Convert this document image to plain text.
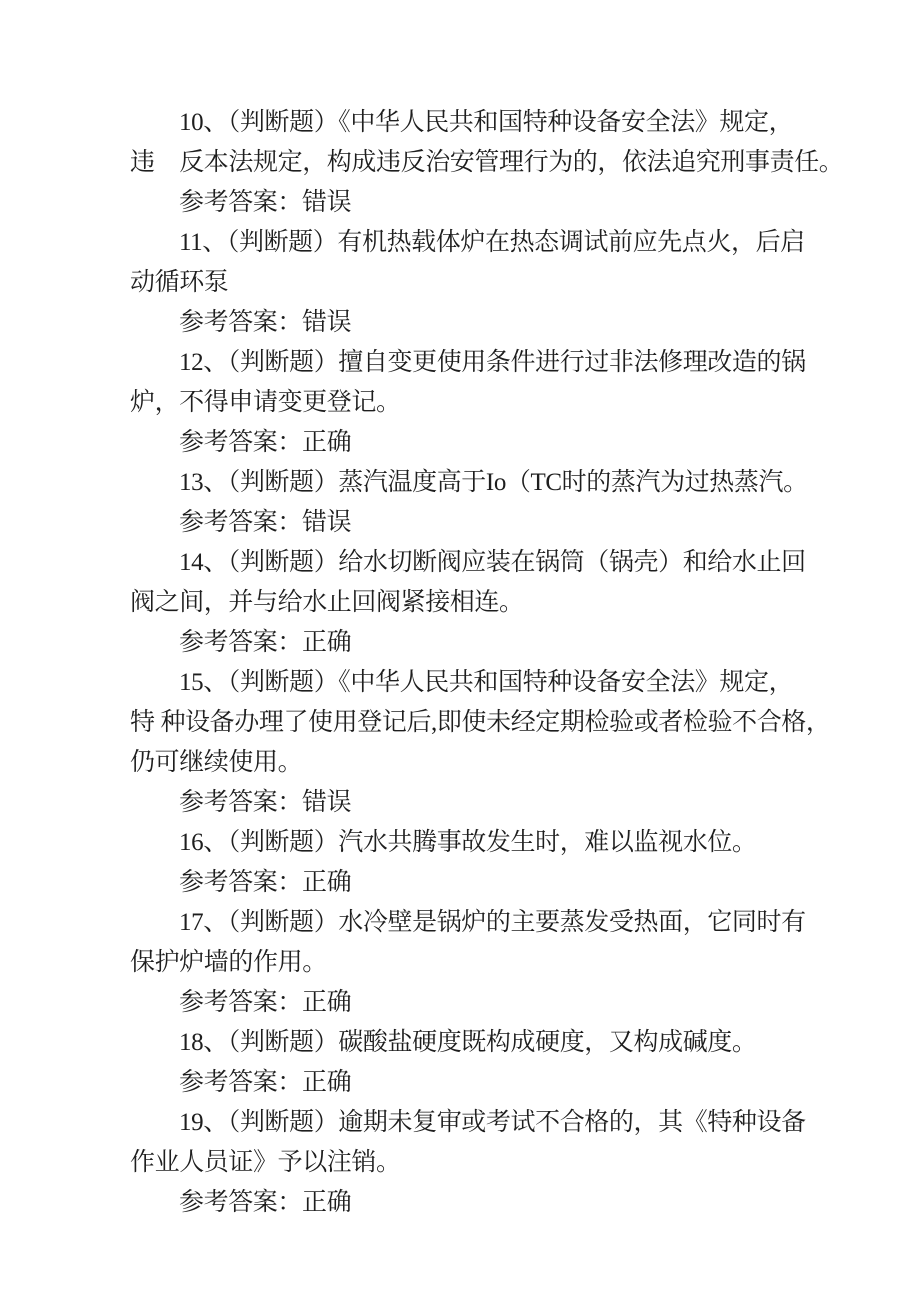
10、（判断题）《中华人民共和国特种设备安全法》规定，
违　反本法规定，构成违反治安管理行为的，依法追究刑事责任。
参考答案：错误
11、（判断题）有机热载体炉在热态调试前应先点火，后启
动循环泵
参考答案：错误
12、（判断题）擅自变更使用条件进行过非法修理改造的锅
炉，不得申请变更登记。
参考答案：正确
13、（判断题）蒸汽温度高于Io（TC时的蒸汽为过热蒸汽。
参考答案：错误
14、（判断题）给水切断阀应装在锅筒（锅壳）和给水止回
阀之间，并与给水止回阀紧接相连。
参考答案：正确
15、（判断题）《中华人民共和国特种设备安全法》规定，
特 种设备办理了使用登记后,即使未经定期检验或者检验不合格，
仍可继续使用。
参考答案：错误
16、（判断题）汽水共腾事故发生时，难以监视水位。
参考答案：正确
17、（判断题）水冷壁是锅炉的主要蒸发受热面，它同时有
保护炉墙的作用。
参考答案：正确
18、（判断题）碳酸盐硬度既构成硬度，又构成碱度。
参考答案：正确
19、（判断题）逾期未复审或考试不合格的，其《特种设备
作业人员证》予以注销。
参考答案：正确
